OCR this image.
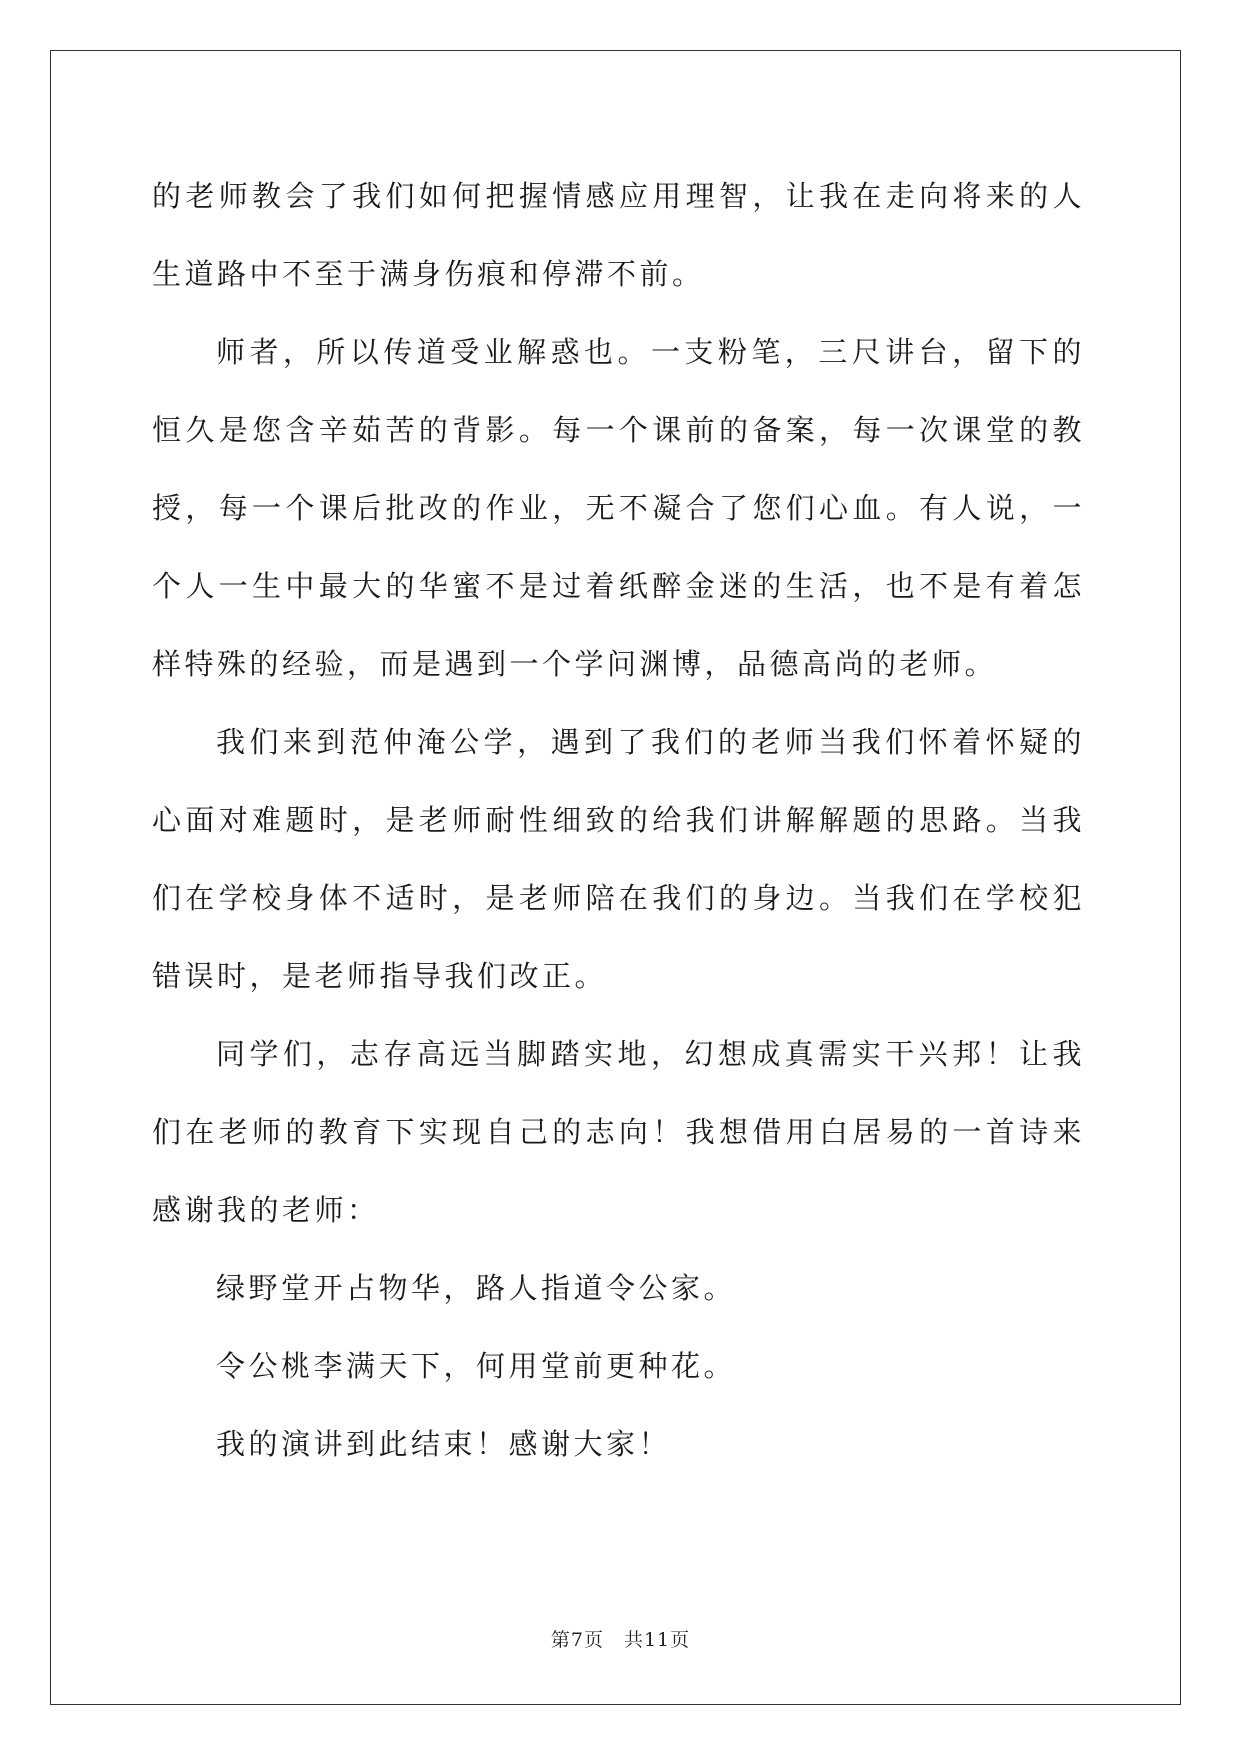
的老师教会了我们如何把握情感应用理智，让我在走向将来的人生道路中不至于满身伤痕和停滞不前。

师者，所以传道受业解惑也。一支粉笔，三尺讲台，留下的恒久是您含辛茹苦的背影。每一个课前的备案，每一次课堂的教授，每一个课后批改的作业，无不凝合了您们心血。有人说，一个人一生中最大的华蜜不是过着纸醉金迷的生活，也不是有着怎样特殊的经验，而是遇到一个学问渊博，品德高尚的老师。

我们来到范仲淹公学，遇到了我们的老师当我们怀着怀疑的心面对难题时，是老师耐性细致的给我们讲解解题的思路。当我们在学校身体不适时，是老师陪在我们的身边。当我们在学校犯错误时，是老师指导我们改正。

同学们，志存高远当脚踏实地，幻想成真需实干兴邦！让我们在老师的教育下实现自己的志向！我想借用白居易的一首诗来感谢我的老师：

绿野堂开占物华，路人指道令公家。

令公桃李满天下，何用堂前更种花。

我的演讲到此结束！感谢大家！

第7页 共11页
